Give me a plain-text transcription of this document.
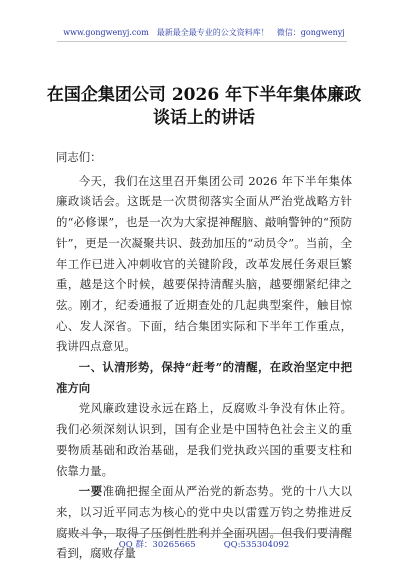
www.gongwenyj.com　最新最全最专业的公文资料库！　微信：gongwenyj
在国企集团公司 2026 年下半年集体廉政
谈话上的讲话

同志们：

今天，我们在这里召开集团公司 2026 年下半年集体廉政谈话会。这既是一次贯彻落实全面从严治党战略方针的“必修课”，也是一次为大家提神醒脑、敲响警钟的“预防针”，更是一次凝聚共识、鼓劲加压的“动员令”。当前，全年工作已进入冲刺收官的关键阶段，改革发展任务艰巨繁重，越是这个时候，越要保持清醒头脑，越要绷紧纪律之弦。刚才，纪委通报了近期查处的几起典型案件，触目惊心、发人深省。下面，结合集团实际和下半年工作重点，我讲四点意见。

一、认清形势，保持“赶考”的清醒，在政治坚定中把准方向

党风廉政建设永远在路上，反腐败斗争没有休止符。我们必须深刻认识到，国有企业是中国特色社会主义的重要物质基础和政治基础，是我们党执政兴国的重要支柱和依靠力量。

一要准确把握全面从严治党的新态势。党的十八大以来，以习近平同志为核心的党中央以雷霆万钧之势推进反腐败斗争，取得了压倒性胜利并全面巩固。但我们要清醒看到，腐败存量

QQ 群：30265665	QQ:535304092
